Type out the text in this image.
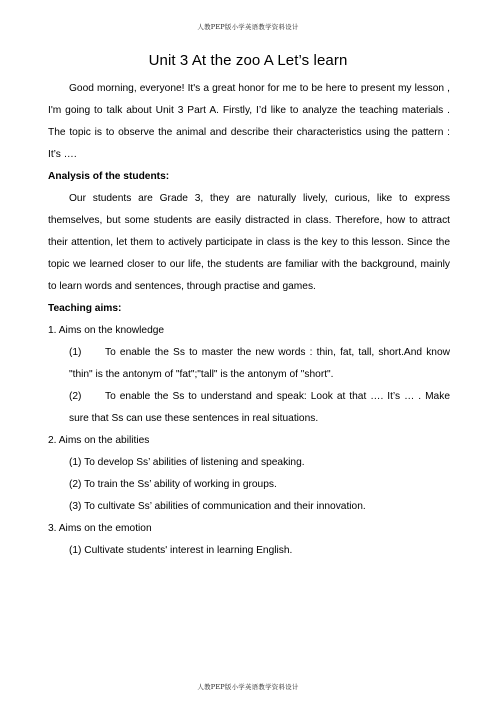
人教PEP版小学英语教学资料设计
Unit 3 At the zoo A Let’s learn

Good morning, everyone! It's a great honor for me to be here to present my lesson , I'm going to talk about Unit 3 Part A. Firstly, I’d like to analyze the teaching materials . The topic is to observe the animal and describe their characteristics using the pattern : It’s ….

Analysis of the students:

Our students are Grade 3, they are naturally lively, curious, like to express themselves, but some students are easily distracted in class. Therefore, how to attract their attention, let them to actively participate in class is the key to this lesson. Since the topic we learned closer to our life, the students are familiar with the background, mainly to learn words and sentences, through practise and games.

Teaching aims:

1. Aims on the knowledge

(1) To enable the Ss to master the new words : thin, fat, tall, short.And know "thin" is the antonym of "fat";"tall" is the antonym of "short".

(2) To enable the Ss to understand and speak: Look at that …. It’s … . Make sure that Ss can use these sentences in real situations.

2. Aims on the abilities

(1) To develop Ss’ abilities of listening and speaking.

(2) To train the Ss’ ability of working in groups.

(3) To cultivate Ss’ abilities of communication and their innovation.

3. Aims on the emotion

(1) Cultivate students' interest in learning English.

人教PEP版小学英语教学资料设计
